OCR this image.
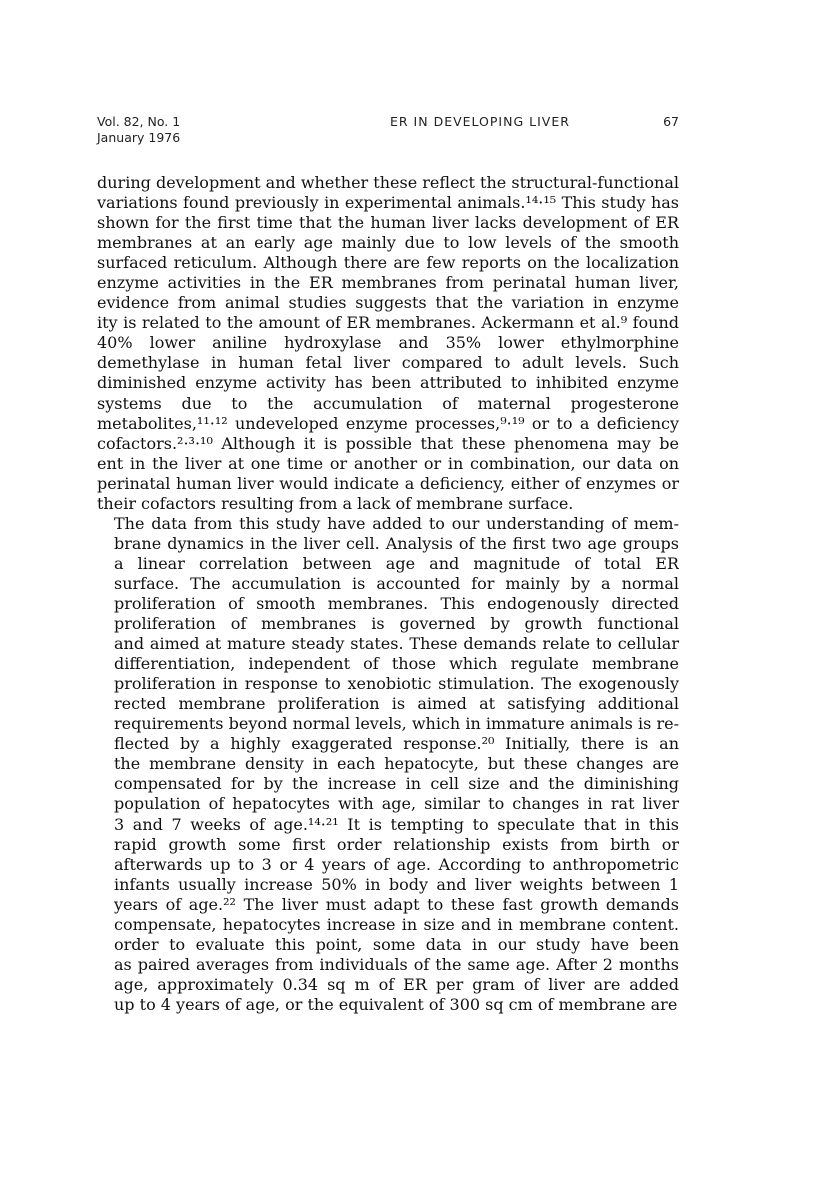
Vol. 82, No. 1
January 1976
ER IN DEVELOPING LIVER	67

during development and whether these reflect the structural-functional
variations found previously in experimental animals.¹⁴·¹⁵ This study has
shown for the first time that the human liver lacks development of ER
membranes at an early age mainly due to low levels of the smooth
surfaced reticulum. Although there are few reports on the localization
enzyme activities in the ER membranes from perinatal human liver,
evidence from animal studies suggests that the variation in enzyme
ity is related to the amount of ER membranes. Ackermann et al.⁹ found
40% lower aniline hydroxylase and 35% lower ethylmorphine
demethylase in human fetal liver compared to adult levels. Such
diminished enzyme activity has been attributed to inhibited enzyme
systems due to the accumulation of maternal progesterone
metabolites,¹¹·¹² undeveloped enzyme processes,⁹·¹⁹ or to a deficiency
cofactors.²·³·¹⁰ Although it is possible that these phenomena may be
ent in the liver at one time or another or in combination, our data on
perinatal human liver would indicate a deficiency, either of enzymes or
their cofactors resulting from a lack of membrane surface.

The data from this study have added to our understanding of mem-
brane dynamics in the liver cell. Analysis of the first two age groups
a linear correlation between age and magnitude of total ER
surface. The accumulation is accounted for mainly by a normal
proliferation of smooth membranes. This endogenously directed
proliferation of membranes is governed by growth functional
and aimed at mature steady states. These demands relate to cellular
differentiation, independent of those which regulate membrane
proliferation in response to xenobiotic stimulation. The exogenously
rected membrane proliferation is aimed at satisfying additional
requirements beyond normal levels, which in immature animals is re-
flected by a highly exaggerated response.²⁰ Initially, there is an
the membrane density in each hepatocyte, but these changes are
compensated for by the increase in cell size and the diminishing
population of hepatocytes with age, similar to changes in rat liver
3 and 7 weeks of age.¹⁴·²¹ It is tempting to speculate that in this
rapid growth some first order relationship exists from birth or
afterwards up to 3 or 4 years of age. According to anthropometric
infants usually increase 50% in body and liver weights between 1
years of age.²² The liver must adapt to these fast growth demands
compensate, hepatocytes increase in size and in membrane content.
order to evaluate this point, some data in our study have been
as paired averages from individuals of the same age. After 2 months
age, approximately 0.34 sq m of ER per gram of liver are added
up to 4 years of age, or the equivalent of 300 sq cm of membrane are
